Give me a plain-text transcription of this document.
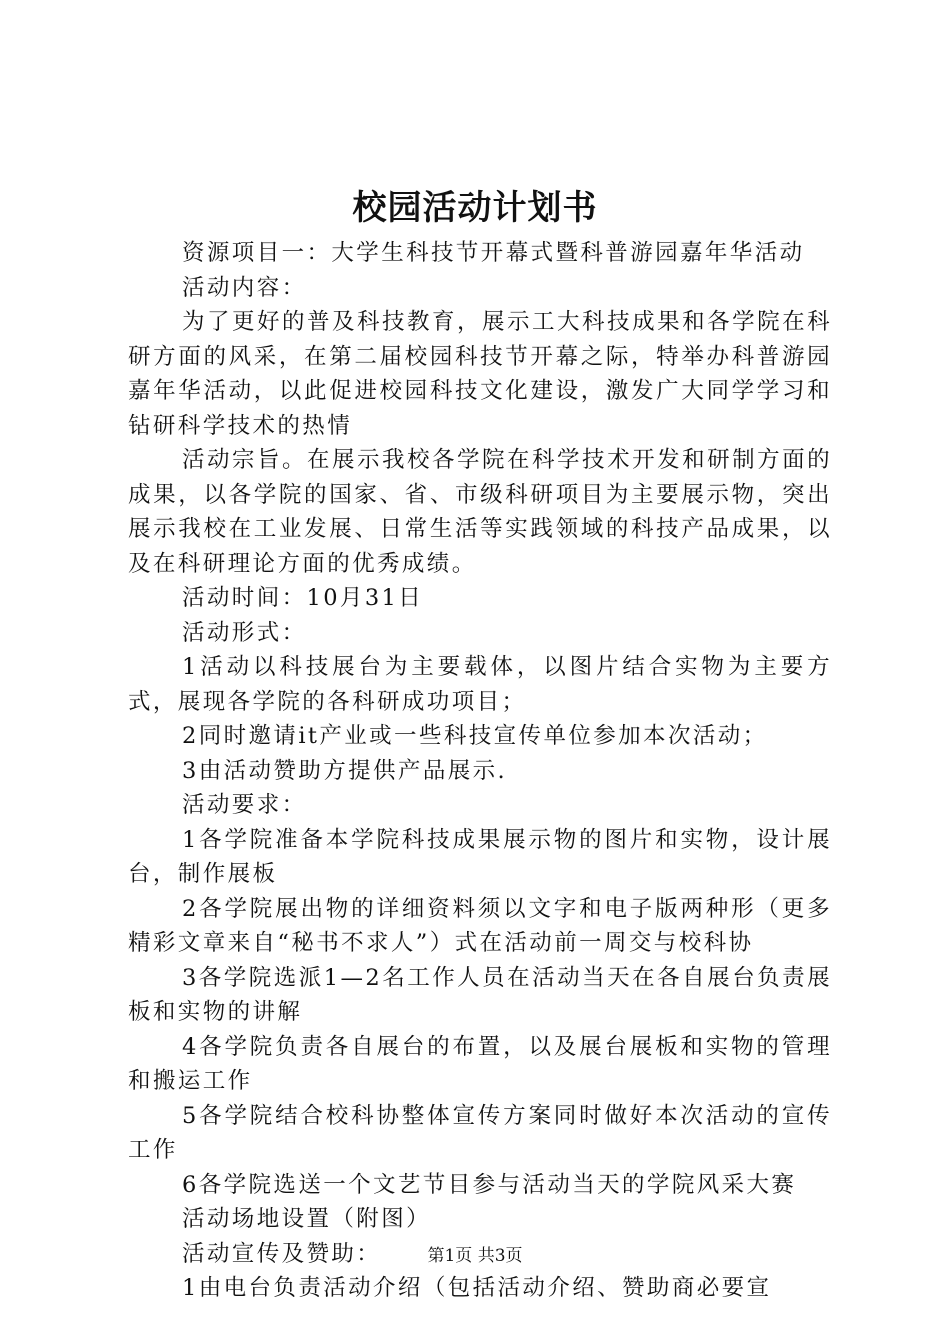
校园活动计划书

资源项目一：大学生科技节开幕式暨科普游园嘉年华活动

活动内容：

为了更好的普及科技教育，展示工大科技成果和各学院在科研方面的风采，在第二届校园科技节开幕之际，特举办科普游园嘉年华活动，以此促进校园科技文化建设，激发广大同学学习和钻研科学技术的热情

活动宗旨。在展示我校各学院在科学技术开发和研制方面的成果，以各学院的国家、省、市级科研项目为主要展示物，突出展示我校在工业发展、日常生活等实践领域的科技产品成果，以及在科研理论方面的优秀成绩。

活动时间：10月31日

活动形式：

1活动以科技展台为主要载体，以图片结合实物为主要方式，展现各学院的各科研成功项目；

2同时邀请it产业或一些科技宣传单位参加本次活动；

3由活动赞助方提供产品展示.

活动要求：

1各学院准备本学院科技成果展示物的图片和实物，设计展台，制作展板

2各学院展出物的详细资料须以文字和电子版两种形（更多精彩文章来自“秘书不求人”）式在活动前一周交与校科协

3各学院选派1—2名工作人员在活动当天在各自展台负责展板和实物的讲解

4各学院负责各自展台的布置，以及展台展板和实物的管理和搬运工作

5各学院结合校科协整体宣传方案同时做好本次活动的宣传工作

6各学院选送一个文艺节目参与活动当天的学院风采大赛

活动场地设置（附图）

活动宣传及赞助：

1由电台负责活动介绍（包括活动介绍、赞助商必要宣

第1页 共3页
